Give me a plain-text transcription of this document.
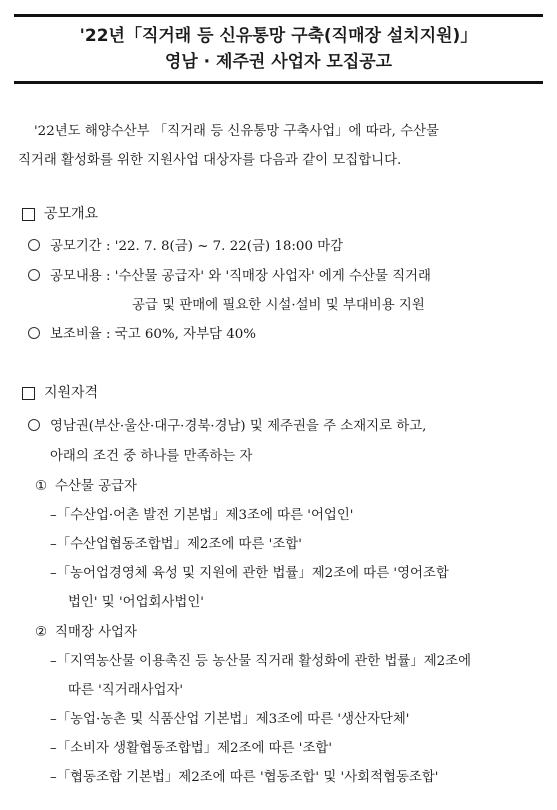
'22년「직거래 등 신유통망 구축(직매장 설치지원)」
영남 · 제주권 사업자 모집공고
'22년도 해양수산부 「직거래 등 신유통망 구축사업」에 따라, 수산물
직거래 활성화를 위한 지원사업 대상자를 다음과 같이 모집합니다.
공모개요
공모기간 : '22. 7. 8(금) ~ 7. 22(금) 18:00 마감
공모내용 : '수산물 공급자' 와 '직매장 사업자' 에게 수산물 직거래
공급 및 판매에 필요한 시설·설비 및 부대비용 지원
보조비율 : 국고 60%, 자부담 40%
지원자격
영남권(부산·울산·대구·경북·경남) 및 제주권을 주 소재지로 하고,
아래의 조건 중 하나를 만족하는 자
① 수산물 공급자
–「수산업·어촌 발전 기본법」제3조에 따른 '어업인'
–「수산업협동조합법」제2조에 따른 '조합'
–「농어업경영체 육성 및 지원에 관한 법률」제2조에 따른 '영어조합
법인' 및 '어업회사법인'
② 직매장 사업자
–「지역농산물 이용촉진 등 농산물 직거래 활성화에 관한 법률」제2조에
따른 '직거래사업자'
–「농업·농촌 및 식품산업 기본법」제3조에 따른 '생산자단체'
–「소비자 생활협동조합법」제2조에 따른 '조합'
–「협동조합 기본법」제2조에 따른 '협동조합' 및 '사회적협동조합'
